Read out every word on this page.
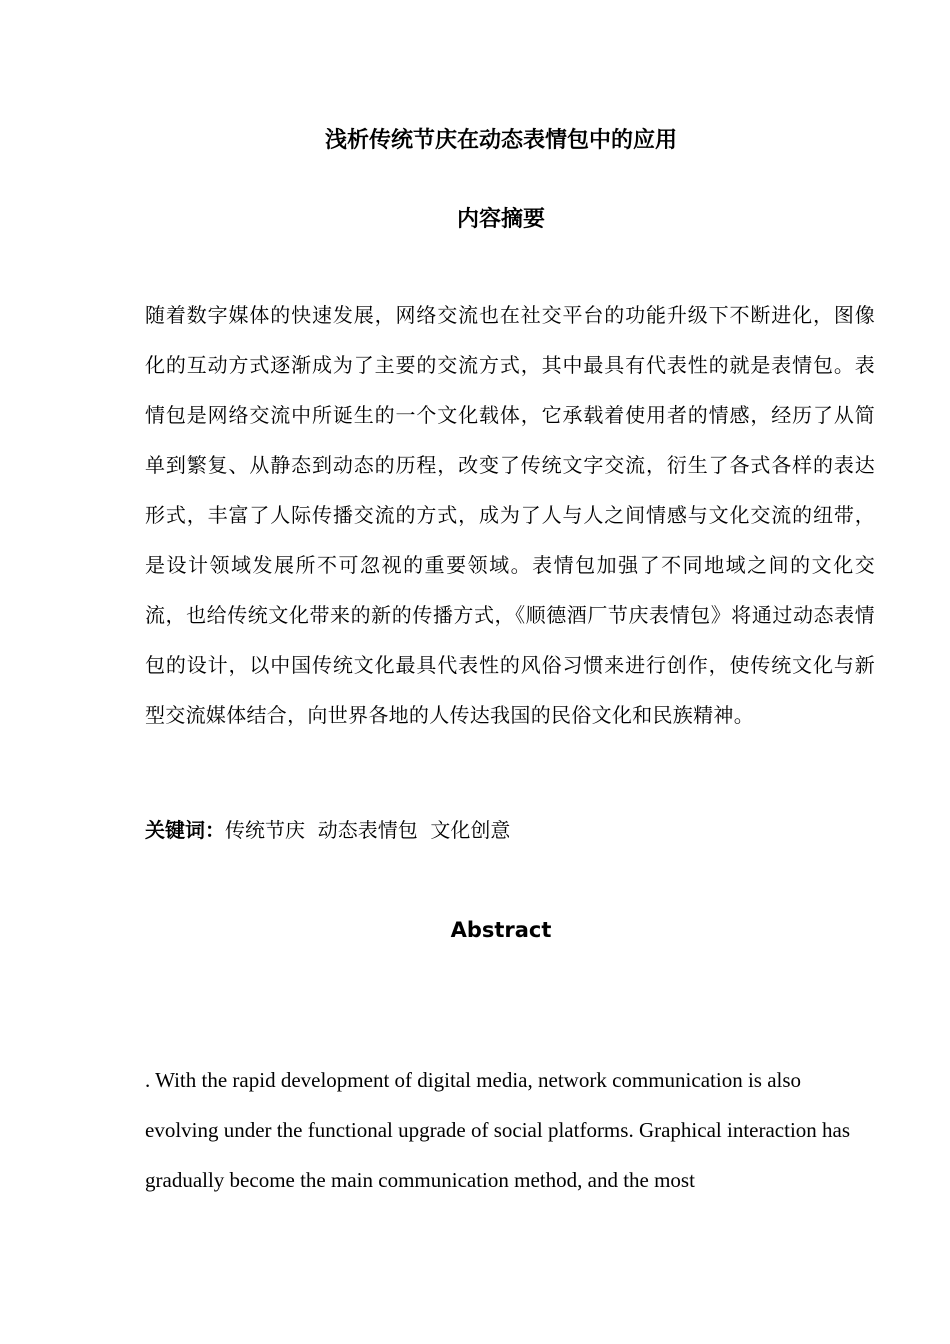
浅析传统节庆在动态表情包中的应用
内容摘要

随着数字媒体的快速发展，网络交流也在社交平台的功能升级下不断进化，图像化的互动方式逐渐成为了主要的交流方式，其中最具有代表性的就是表情包。表情包是网络交流中所诞生的一个文化载体，它承载着使用者的情感，经历了从简单到繁复、从静态到动态的历程，改变了传统文字交流，衍生了各式各样的表达形式，丰富了人际传播交流的方式，成为了人与人之间情感与文化交流的纽带，是设计领域发展所不可忽视的重要领域。表情包加强了不同地域之间的文化交流，也给传统文化带来的新的传播方式，《顺德酒厂节庆表情包》将通过动态表情包的设计，以中国传统文化最具代表性的风俗习惯来进行创作，使传统文化与新型交流媒体结合，向世界各地的人传达我国的民俗文化和民族精神。

关键词：传统节庆  动态表情包  文化创意

Abstract

. With the rapid development of digital media, network communication is also evolving under the functional upgrade of social platforms. Graphical interaction has gradually become the main communication method, and the most
